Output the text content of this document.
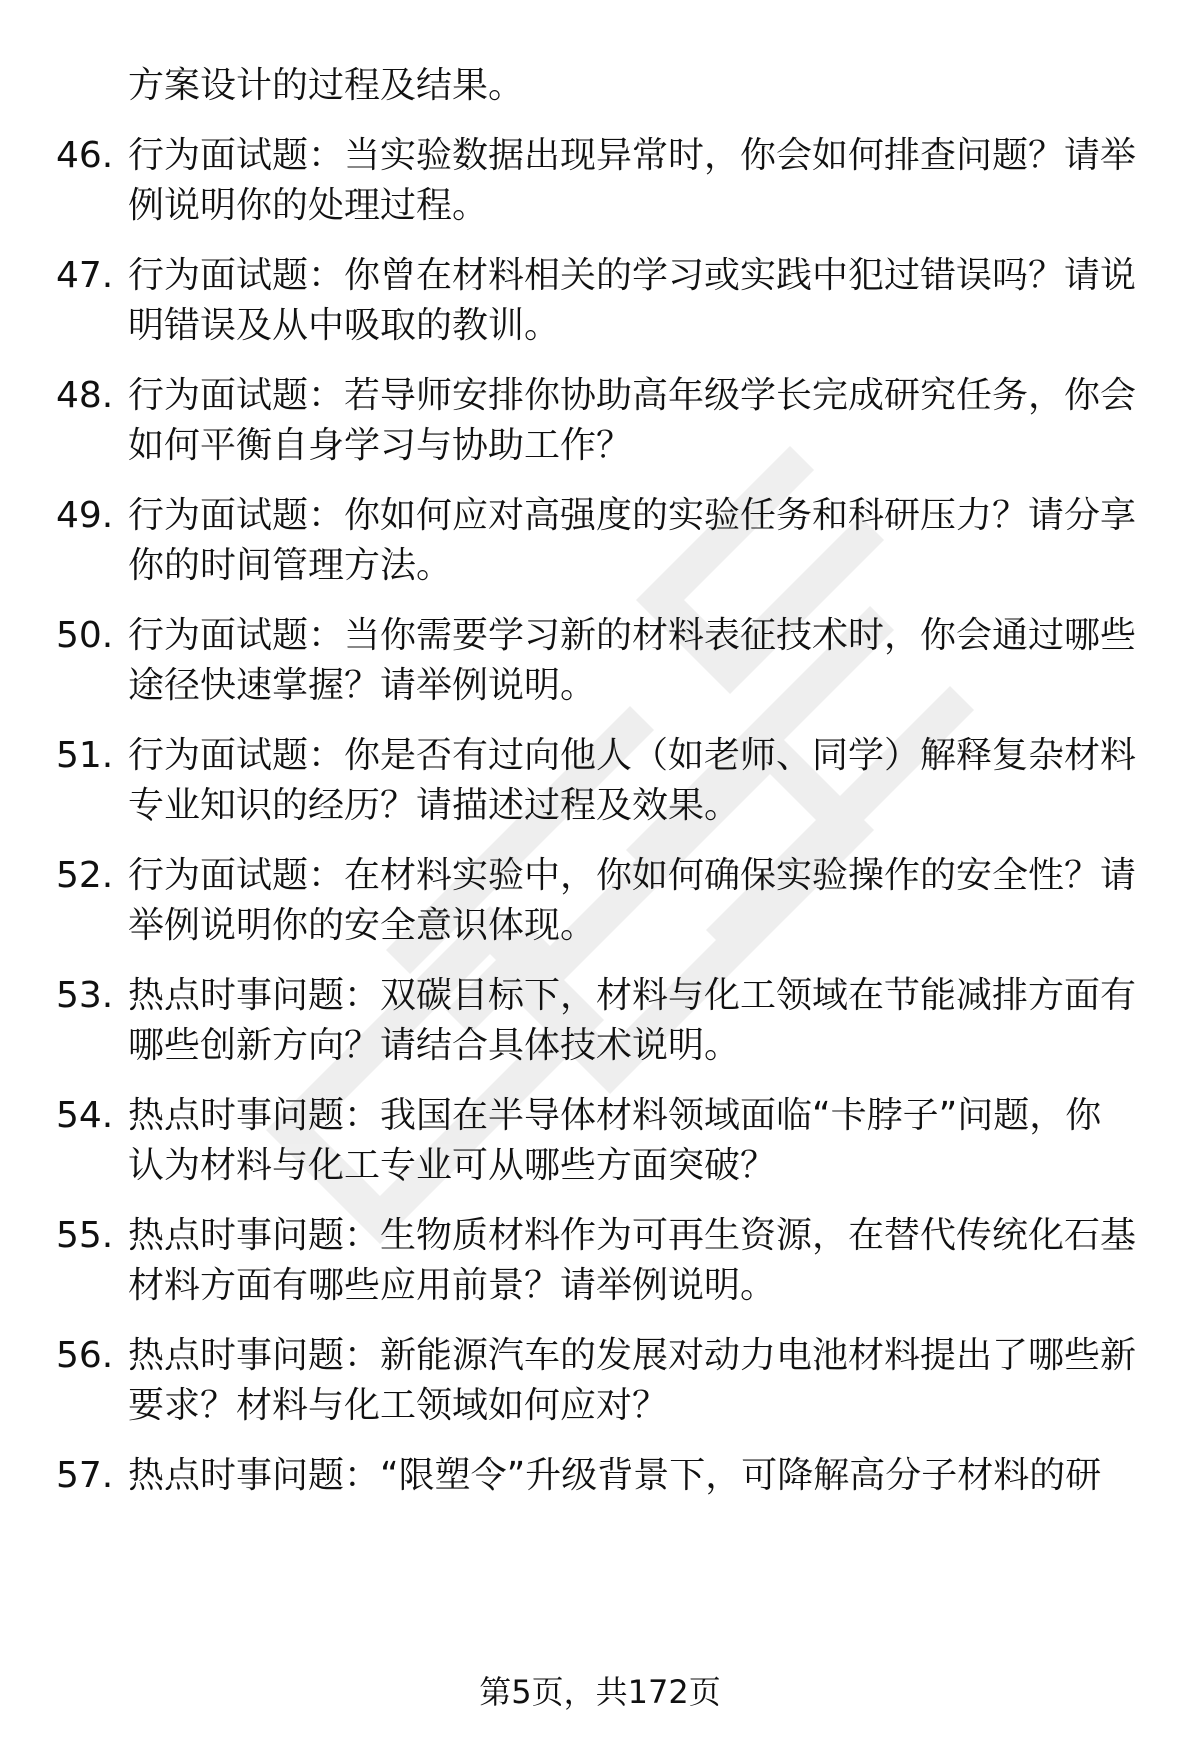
方案设计的过程及结果。
46. 行为面试题：当实验数据出现异常时，你会如何排查问题？请举
例说明你的处理过程。
47. 行为面试题：你曾在材料相关的学习或实践中犯过错误吗？请说
明错误及从中吸取的教训。
48. 行为面试题：若导师安排你协助高年级学长完成研究任务，你会
如何平衡自身学习与协助工作？
49. 行为面试题：你如何应对高强度的实验任务和科研压力？请分享
你的时间管理方法。
50. 行为面试题：当你需要学习新的材料表征技术时，你会通过哪些
途径快速掌握？请举例说明。
51. 行为面试题：你是否有过向他人（如老师、同学）解释复杂材料
专业知识的经历？请描述过程及效果。
52. 行为面试题：在材料实验中，你如何确保实验操作的安全性？请
举例说明你的安全意识体现。
53. 热点时事问题：双碳目标下，材料与化工领域在节能减排方面有
哪些创新方向？请结合具体技术说明。
54. 热点时事问题：我国在半导体材料领域面临“卡脖子”问题，你
认为材料与化工专业可从哪些方面突破？
55. 热点时事问题：生物质材料作为可再生资源，在替代传统化石基
材料方面有哪些应用前景？请举例说明。
56. 热点时事问题：新能源汽车的发展对动力电池材料提出了哪些新
要求？材料与化工领域如何应对？
57. 热点时事问题：“限塑令”升级背景下，可降解高分子材料的研
第5页，共172页
